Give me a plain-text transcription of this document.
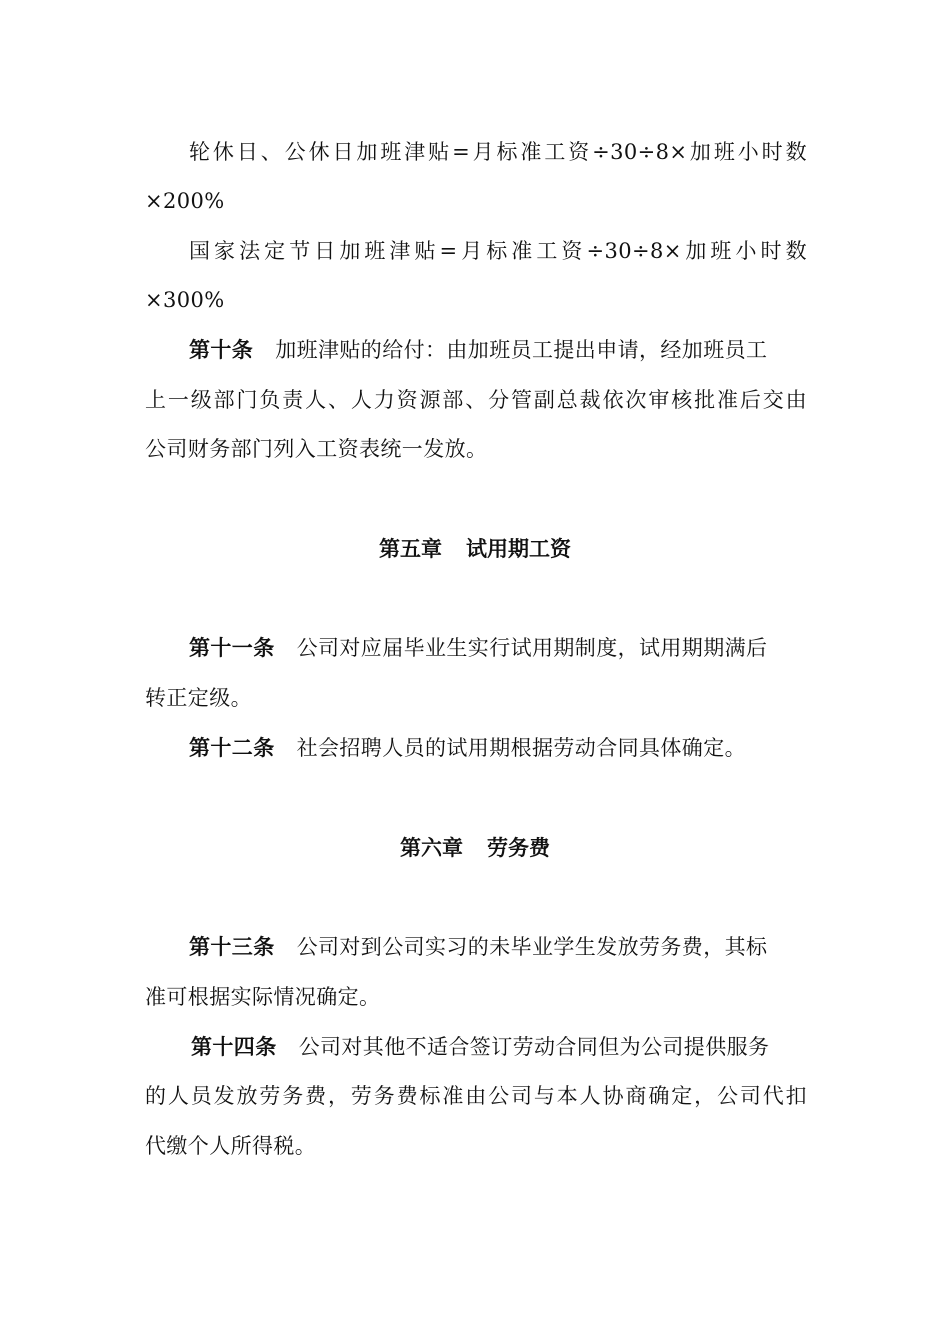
轮休日、公休日加班津贴=月标准工资÷30÷8×加班小时数
×200%
国家法定节日加班津贴=月标准工资÷30÷8×加班小时数
×300%
第十条 加班津贴的给付：由加班员工提出申请，经加班员工
上一级部门负责人、人力资源部、分管副总裁依次审核批准后交由
公司财务部门列入工资表统一发放。
第五章 试用期工资
第十一条 公司对应届毕业生实行试用期制度，试用期期满后
转正定级。
第十二条 社会招聘人员的试用期根据劳动合同具体确定。
第六章 劳务费
第十三条 公司对到公司实习的未毕业学生发放劳务费，其标
准可根据实际情况确定。
第十四条 公司对其他不适合签订劳动合同但为公司提供服务
的人员发放劳务费，劳务费标准由公司与本人协商确定，公司代扣
代缴个人所得税。
